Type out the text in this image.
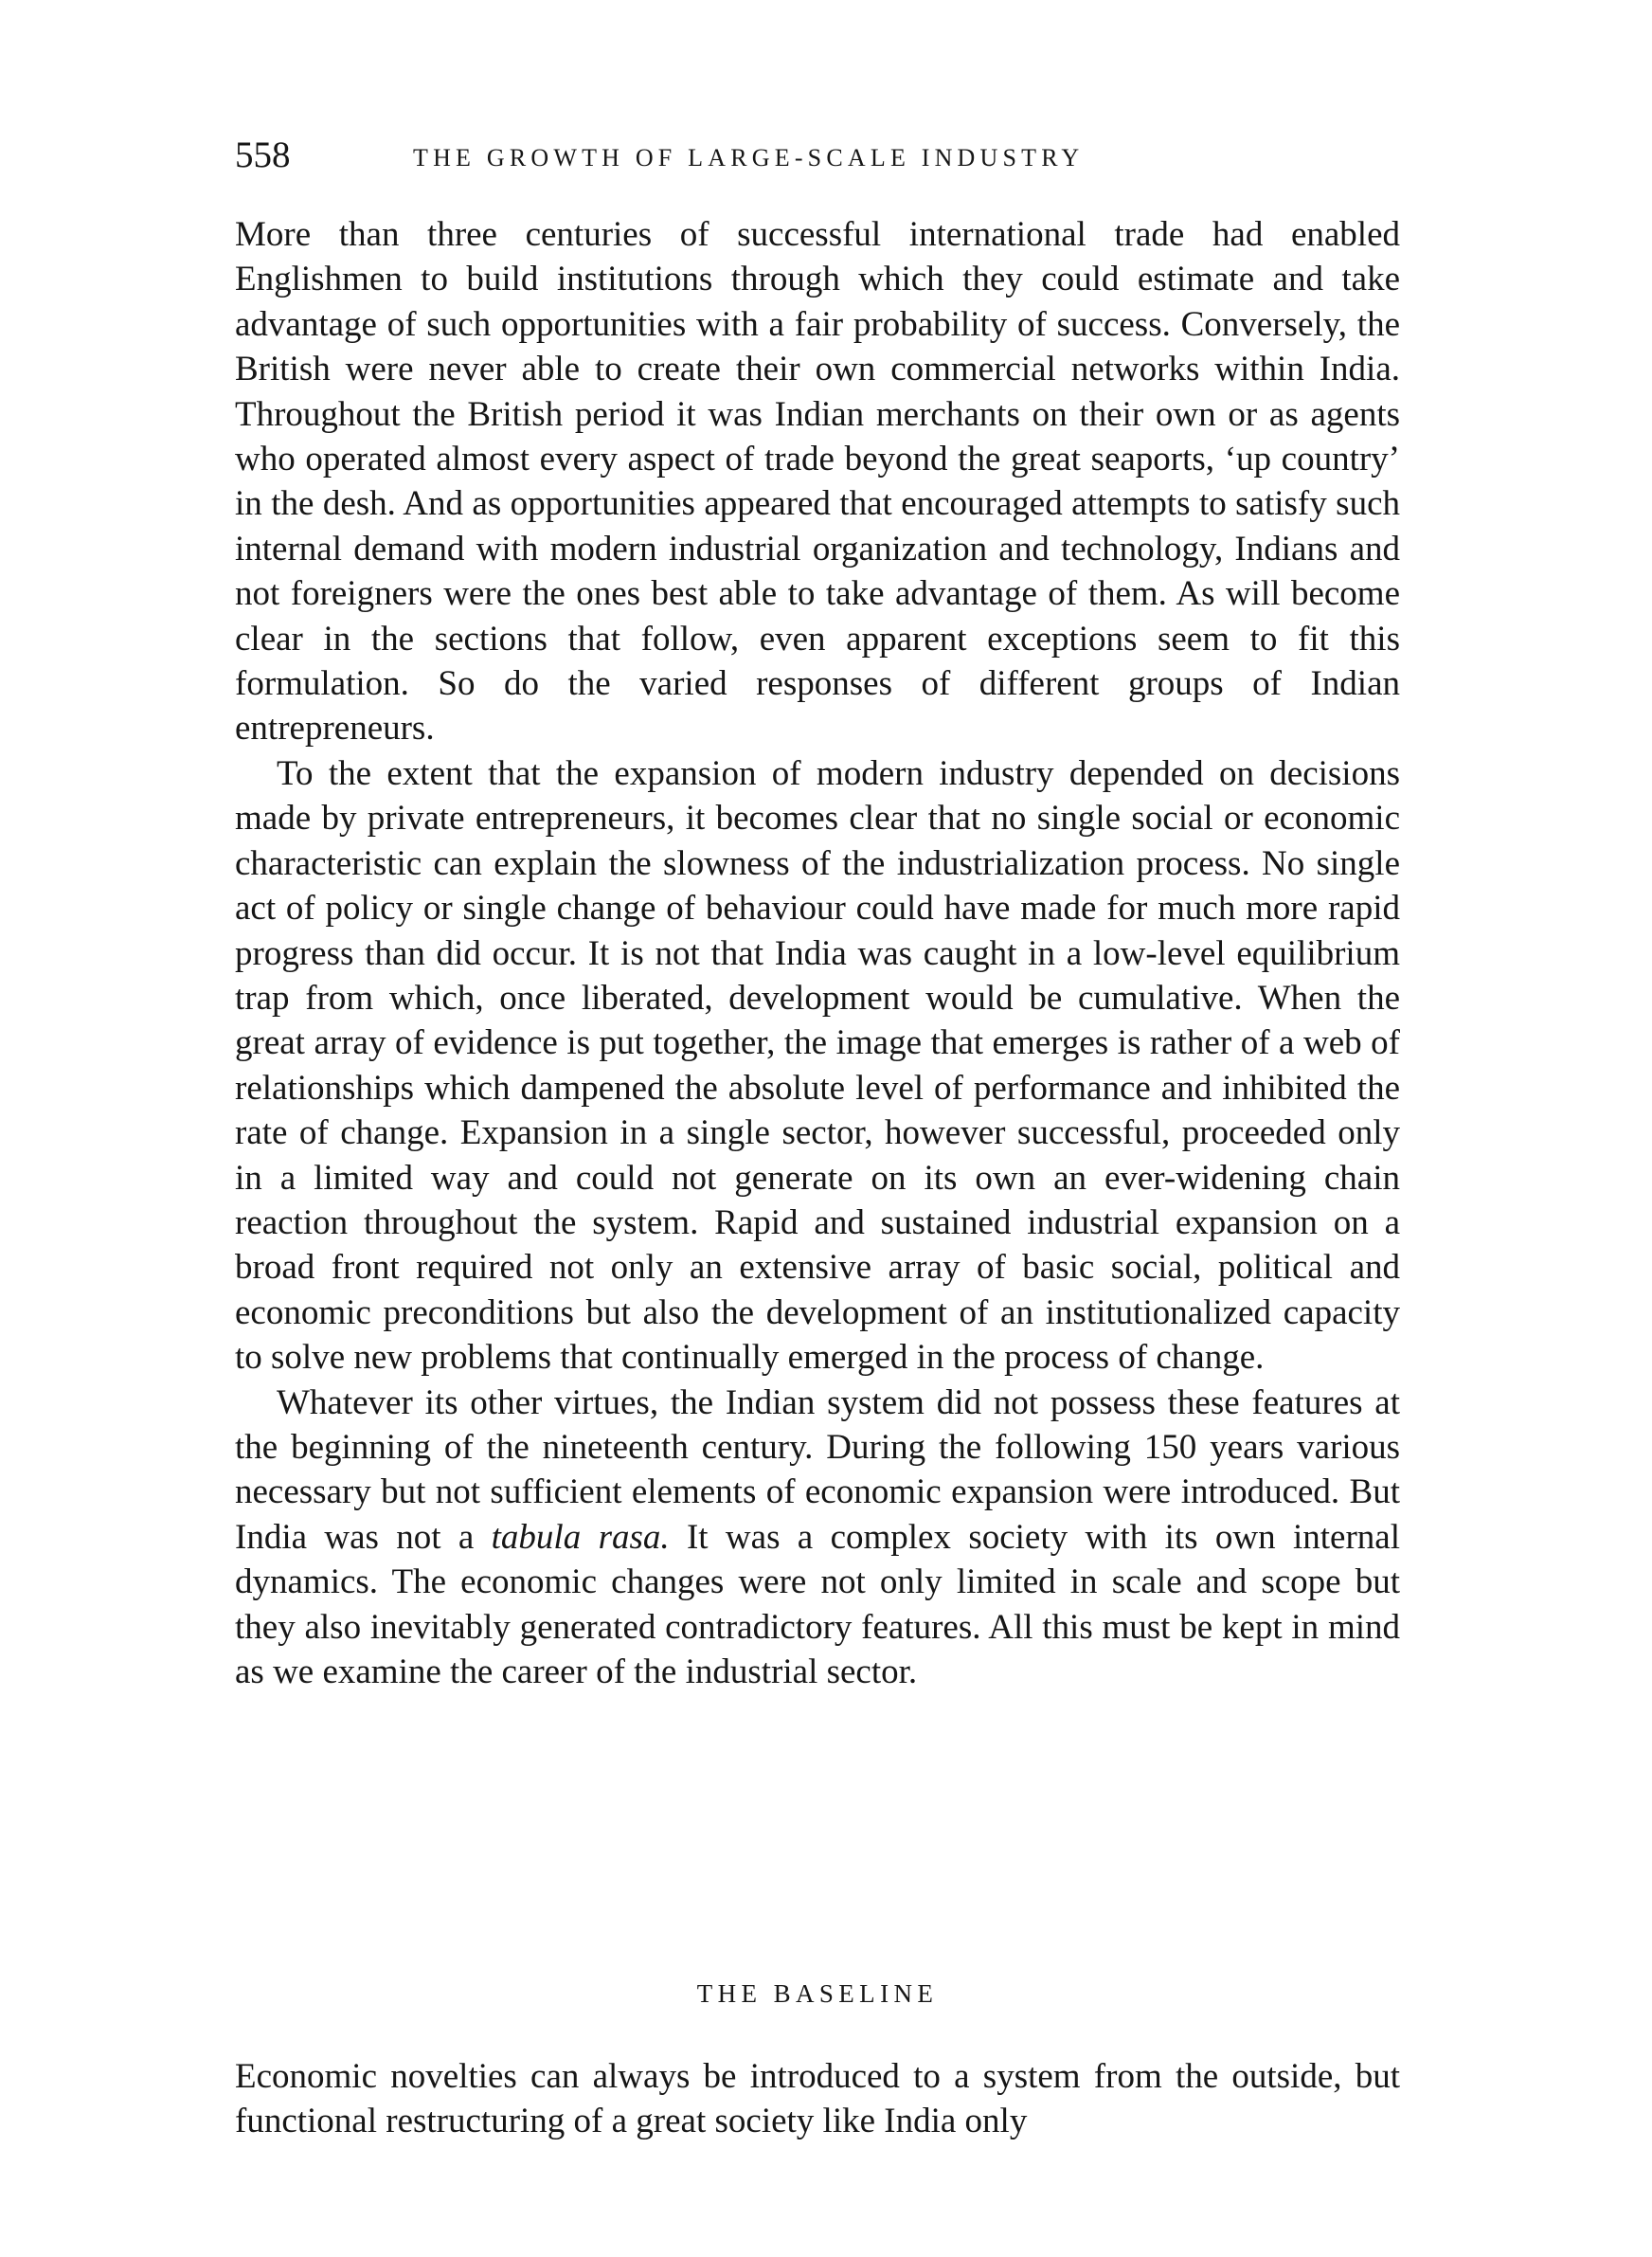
558	THE GROWTH OF LARGE-SCALE INDUSTRY

More than three centuries of successful international trade had enabled Englishmen to build institutions through which they could estimate and take advantage of such opportunities with a fair probability of success. Conversely, the British were never able to create their own commercial networks within India. Throughout the British period it was Indian merchants on their own or as agents who operated almost every aspect of trade beyond the great seaports, ‘up country’ in the desh. And as opportunities appeared that encouraged attempts to satisfy such internal demand with modern industrial organization and technology, Indians and not foreigners were the ones best able to take advantage of them. As will become clear in the sections that follow, even apparent exceptions seem to fit this formulation. So do the varied responses of different groups of Indian entrepreneurs.

To the extent that the expansion of modern industry depended on decisions made by private entrepreneurs, it becomes clear that no single social or economic characteristic can explain the slowness of the industrialization process. No single act of policy or single change of behaviour could have made for much more rapid progress than did occur. It is not that India was caught in a low-level equilibrium trap from which, once liberated, development would be cumulative. When the great array of evidence is put together, the image that emerges is rather of a web of relationships which dampened the absolute level of performance and inhibited the rate of change. Expansion in a single sector, however successful, proceeded only in a limited way and could not generate on its own an ever-widening chain reaction throughout the system. Rapid and sustained industrial expansion on a broad front required not only an extensive array of basic social, political and economic preconditions but also the development of an institutionalized capacity to solve new problems that continually emerged in the process of change.

Whatever its other virtues, the Indian system did not possess these features at the beginning of the nineteenth century. During the following 150 years various necessary but not sufficient elements of economic expansion were introduced. But India was not a tabula rasa. It was a complex society with its own internal dynamics. The economic changes were not only limited in scale and scope but they also inevitably generated contradictory features. All this must be kept in mind as we examine the career of the industrial sector.

THE BASELINE

Economic novelties can always be introduced to a system from the outside, but functional restructuring of a great society like India only
